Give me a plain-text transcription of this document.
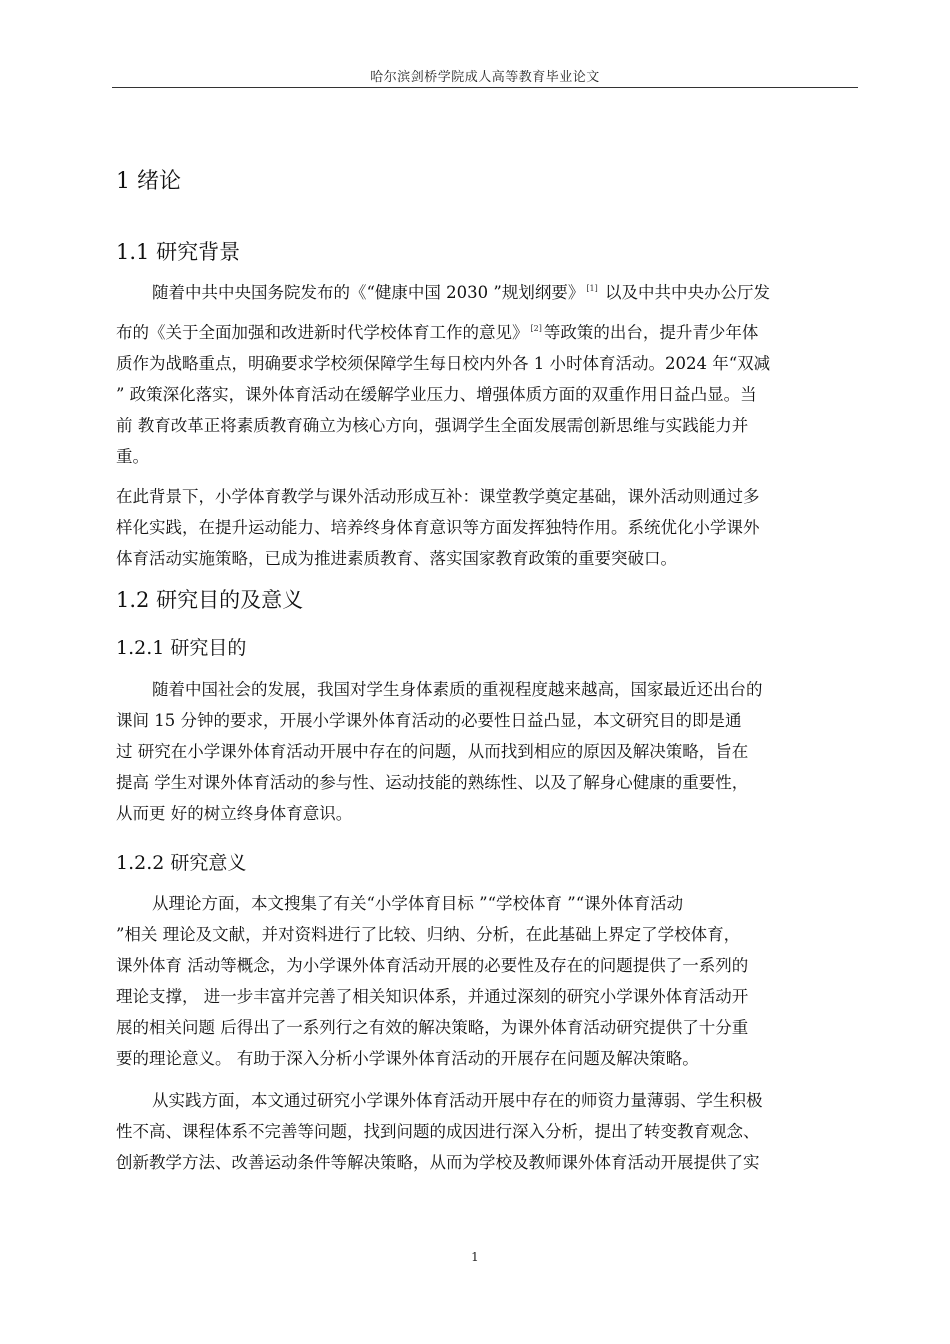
哈尔滨剑桥学院成人高等教育毕业论文
1 绪论
1.1 研究背景
随着中共中央国务院发布的《“健康中国 2030 ”规划纲要》 [1] 以及中共中央办公厅发
布的《关于全面加强和改进新时代学校体育工作的意见》 [2] 等政策的出台，提升青少年体
质作为战略重点，明确要求学校须保障学生每日校内外各 1 小时体育活动。2024 年“双减
” 政策深化落实，课外体育活动在缓解学业压力、增强体质方面的双重作用日益凸显。当
前 教育改革正将素质教育确立为核心方向，强调学生全面发展需创新思维与实践能力并
重。
在此背景下，小学体育教学与课外活动形成互补：课堂教学奠定基础，课外活动则通过多
样化实践，在提升运动能力、培养终身体育意识等方面发挥独特作用。系统优化小学课外
体育活动实施策略，已成为推进素质教育、落实国家教育政策的重要突破口。
1.2 研究目的及意义
1.2.1 研究目的
随着中国社会的发展，我国对学生身体素质的重视程度越来越高，国家最近还出台的
课间 15 分钟的要求，开展小学课外体育活动的必要性日益凸显，本文研究目的即是通
过 研究在小学课外体育活动开展中存在的问题，从而找到相应的原因及解决策略，旨在
提高 学生对课外体育活动的参与性、运动技能的熟练性、以及了解身心健康的重要性，
从而更 好的树立终身体育意识。
1.2.2 研究意义
从理论方面，本文搜集了有关“小学体育目标 ”“学校体育 ”“课外体育活动
”相关 理论及文献，并对资料进行了比较、归纳、分析，在此基础上界定了学校体育，
课外体育 活动等概念，为小学课外体育活动开展的必要性及存在的问题提供了一系列的
理论支撑， 进一步丰富并完善了相关知识体系，并通过深刻的研究小学课外体育活动开
展的相关问题 后得出了一系列行之有效的解决策略，为课外体育活动研究提供了十分重
要的理论意义。 有助于深入分析小学课外体育活动的开展存在问题及解决策略。
从实践方面，本文通过研究小学课外体育活动开展中存在的师资力量薄弱、学生积极
性不高、课程体系不完善等问题，找到问题的成因进行深入分析，提出了转变教育观念、
创新教学方法、改善运动条件等解决策略，从而为学校及教师课外体育活动开展提供了实
1
